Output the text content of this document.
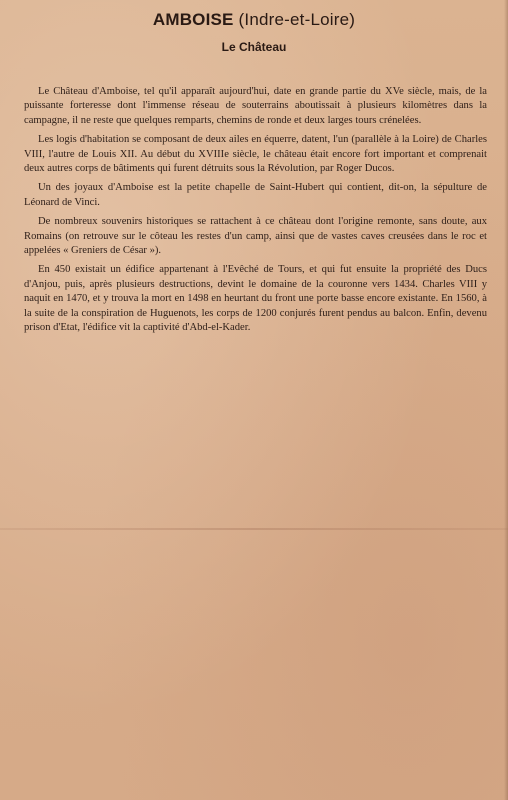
AMBOISE (Indre-et-Loire)
Le Château

Le Château d'Amboise, tel qu'il apparaît aujourd'hui, date en grande partie du XVe siècle, mais, de la puissante forteresse dont l'immense réseau de souterrains aboutissait à plusieurs kilomètres dans la campagne, il ne reste que quelques remparts, chemins de ronde et deux larges tours crénelées.

Les logis d'habitation se composant de deux ailes en équerre, datent, l'un (parallèle à la Loire) de Charles VIII, l'autre de Louis XII. Au début du XVIIIe siècle, le château était encore fort important et comprenait deux autres corps de bâtiments qui furent détruits sous la Révolution, par Roger Ducos.

Un des joyaux d'Amboise est la petite chapelle de Saint-Hubert qui contient, dit-on, la sépulture de Léonard de Vinci.

De nombreux souvenirs historiques se rattachent à ce château dont l'origine remonte, sans doute, aux Romains (on retrouve sur le côteau les restes d'un camp, ainsi que de vastes caves creusées dans le roc et appelées « Greniers de César »).

En 450 existait un édifice appartenant à l'Evêché de Tours, et qui fut ensuite la propriété des Ducs d'Anjou, puis, après plusieurs destructions, devint le domaine de la couronne vers 1434. Charles VIII y naquit en 1470, et y trouva la mort en 1498 en heurtant du front une porte basse encore existante. En 1560, à la suite de la conspiration de Huguenots, les corps de 1200 conjurés furent pendus au balcon. Enfin, devenu prison d'Etat, l'édifice vit la captivité d'Abd-el-Kader.
